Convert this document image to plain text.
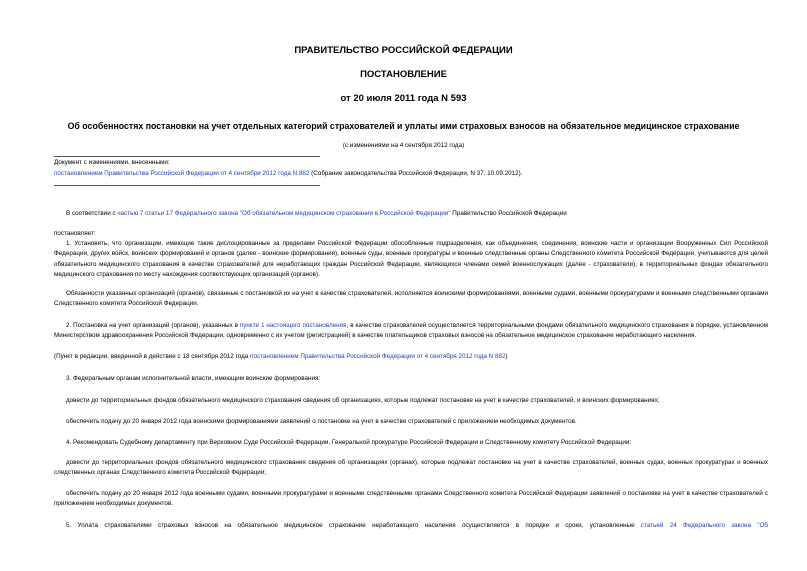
ПРАВИТЕЛЬСТВО РОССИЙСКОЙ ФЕДЕРАЦИИ
ПОСТАНОВЛЕНИЕ
от 20 июля 2011 года N 593
Об особенностях постановки на учет отдельных категорий страхователей и уплаты ими страховых взносов на обязательное медицинское страхование
(с изменениями на 4 сентября 2012 года)
Документ с изменениями, внесенными:
постановлением Правительства Российской Федерации от 4 сентября 2012 года N 882 (Собрание законодательства Российской Федерации, N 37, 10.09.2012).
В соответствии с частью 7 статьи 17 Федерального закона "Об обязательном медицинском страховании в Российской Федерации" Правительство Российской Федерации
постановляет:
1. Установить, что организации, имеющие такие дислоцированные за пределами Российской Федерации обособленные подразделения, как объединения, соединения, воинские части и организации Вооруженных Сил Российской Федерации, других войск, воинских формирований и органов (далее - воинские формирования), военные суды, военные прокуратуры и военные следственные органы Следственного комитета Российской Федерации, учитываются для целей обязательного медицинского страхования в качестве страхователей для неработающих граждан Российской Федерации, являющихся членами семей военнослужащих (далее - страхователи), в территориальных фондах обязательного медицинского страхования по месту нахождения соответствующих организаций (органов).
Обязанности указанных организаций (органов), связанные с постановкой их на учет в качестве страхователей, исполняются воинскими формированиями, военными судами, военными прокуратурами и военными следственными органами Следственного комитета Российской Федерации.
2. Постановка на учет организаций (органов), указанных в пункте 1 настоящего постановления, в качестве страхователей осуществляется территориальными фондами обязательного медицинского страхования в порядке, установленном Министерством здравоохранения Российской Федерации, одновременно с их учетом (регистрацией) в качестве плательщиков страховых взносов на обязательное медицинское страхование неработающего населения.
(Пункт в редакции, введенной в действие с 18 сентября 2012 года постановлением Правительства Российской Федерации от 4 сентября 2012 года N 882)
3. Федеральным органам исполнительной власти, имеющим воинские формирования:
довести до территориальных фондов обязательного медицинского страхования сведения об организациях, которые подлежат постановке на учет в качестве страхователей, и воинских формированиях;
обеспечить подачу до 20 января 2012 года воинскими формированиями заявлений о постановке на учет в качестве страхователей с приложением необходимых документов.
4. Рекомендовать Судебному департаменту при Верховном Суде Российской Федерации, Генеральной прокуратуре Российской Федерации и Следственному комитету Российской Федерации:
довести до территориальных фондов обязательного медицинского страхования сведения об организациях (органах), которые подлежат постановке на учет в качестве страхователей, военных судах, военных прокуратурах и военных следственных органах Следственного комитета Российской Федерации;
обеспечить подачу до 20 января 2012 года военными судами, военными прокуратурами и военными следственными органами Следственного комитета Российской Федерации заявлений о постановке на учет в качестве страхователей с приложением необходимых документов.
5. Уплата страхователями страховых взносов на обязательное медицинское страхование неработающего населения осуществляется в порядке и сроки, установленные статьей 24 Федерального закона "Об
